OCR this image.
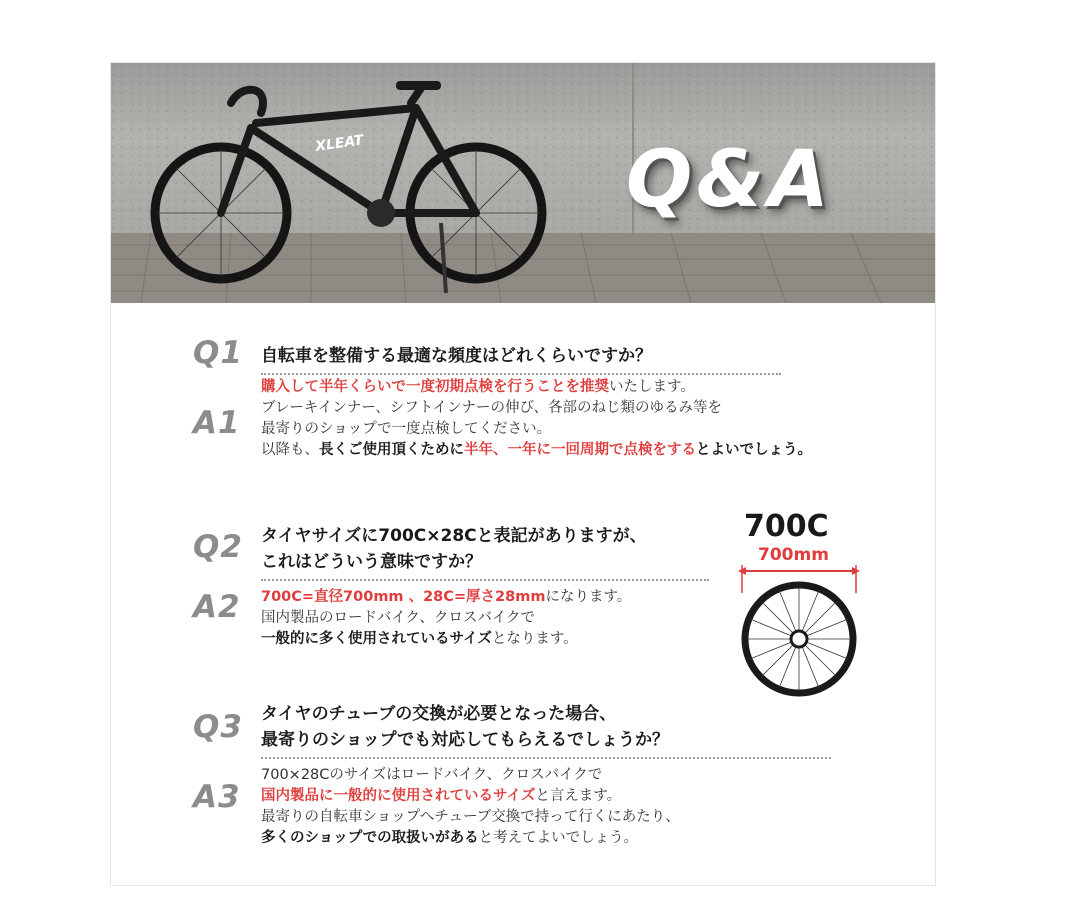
XLEAT	Q&A
Q1 自転車を整備する最適な頻度はどれくらいですか？
A1
購入して半年くらいで一度初期点検を行うことを推奨いたします。
ブレーキインナー、シフトインナーの伸び、各部のねじ類のゆるみ等を
最寄りのショップで一度点検してください。
以降も、長くご使用頂くために半年、一年に一回周期で点検をするとよいでしょう。
Q2 タイヤサイズに700C×28Cと表記がありますが、
これはどういう意味ですか？
A2 700C=直径700mm 、28C=厚さ28mmになります。
国内製品のロードバイク、クロスバイクで
一般的に多く使用されているサイズとなります。
700C
700mm
Q3 タイヤのチューブの交換が必要となった場合、
最寄りのショップでも対応してもらえるでしょうか？
A3
700×28Cのサイズはロードバイク、クロスバイクで
国内製品に一般的に使用されているサイズと言えます。
最寄りの自転車ショップへチューブ交換で持って行くにあたり、
多くのショップでの取扱いがあると考えてよいでしょう。
